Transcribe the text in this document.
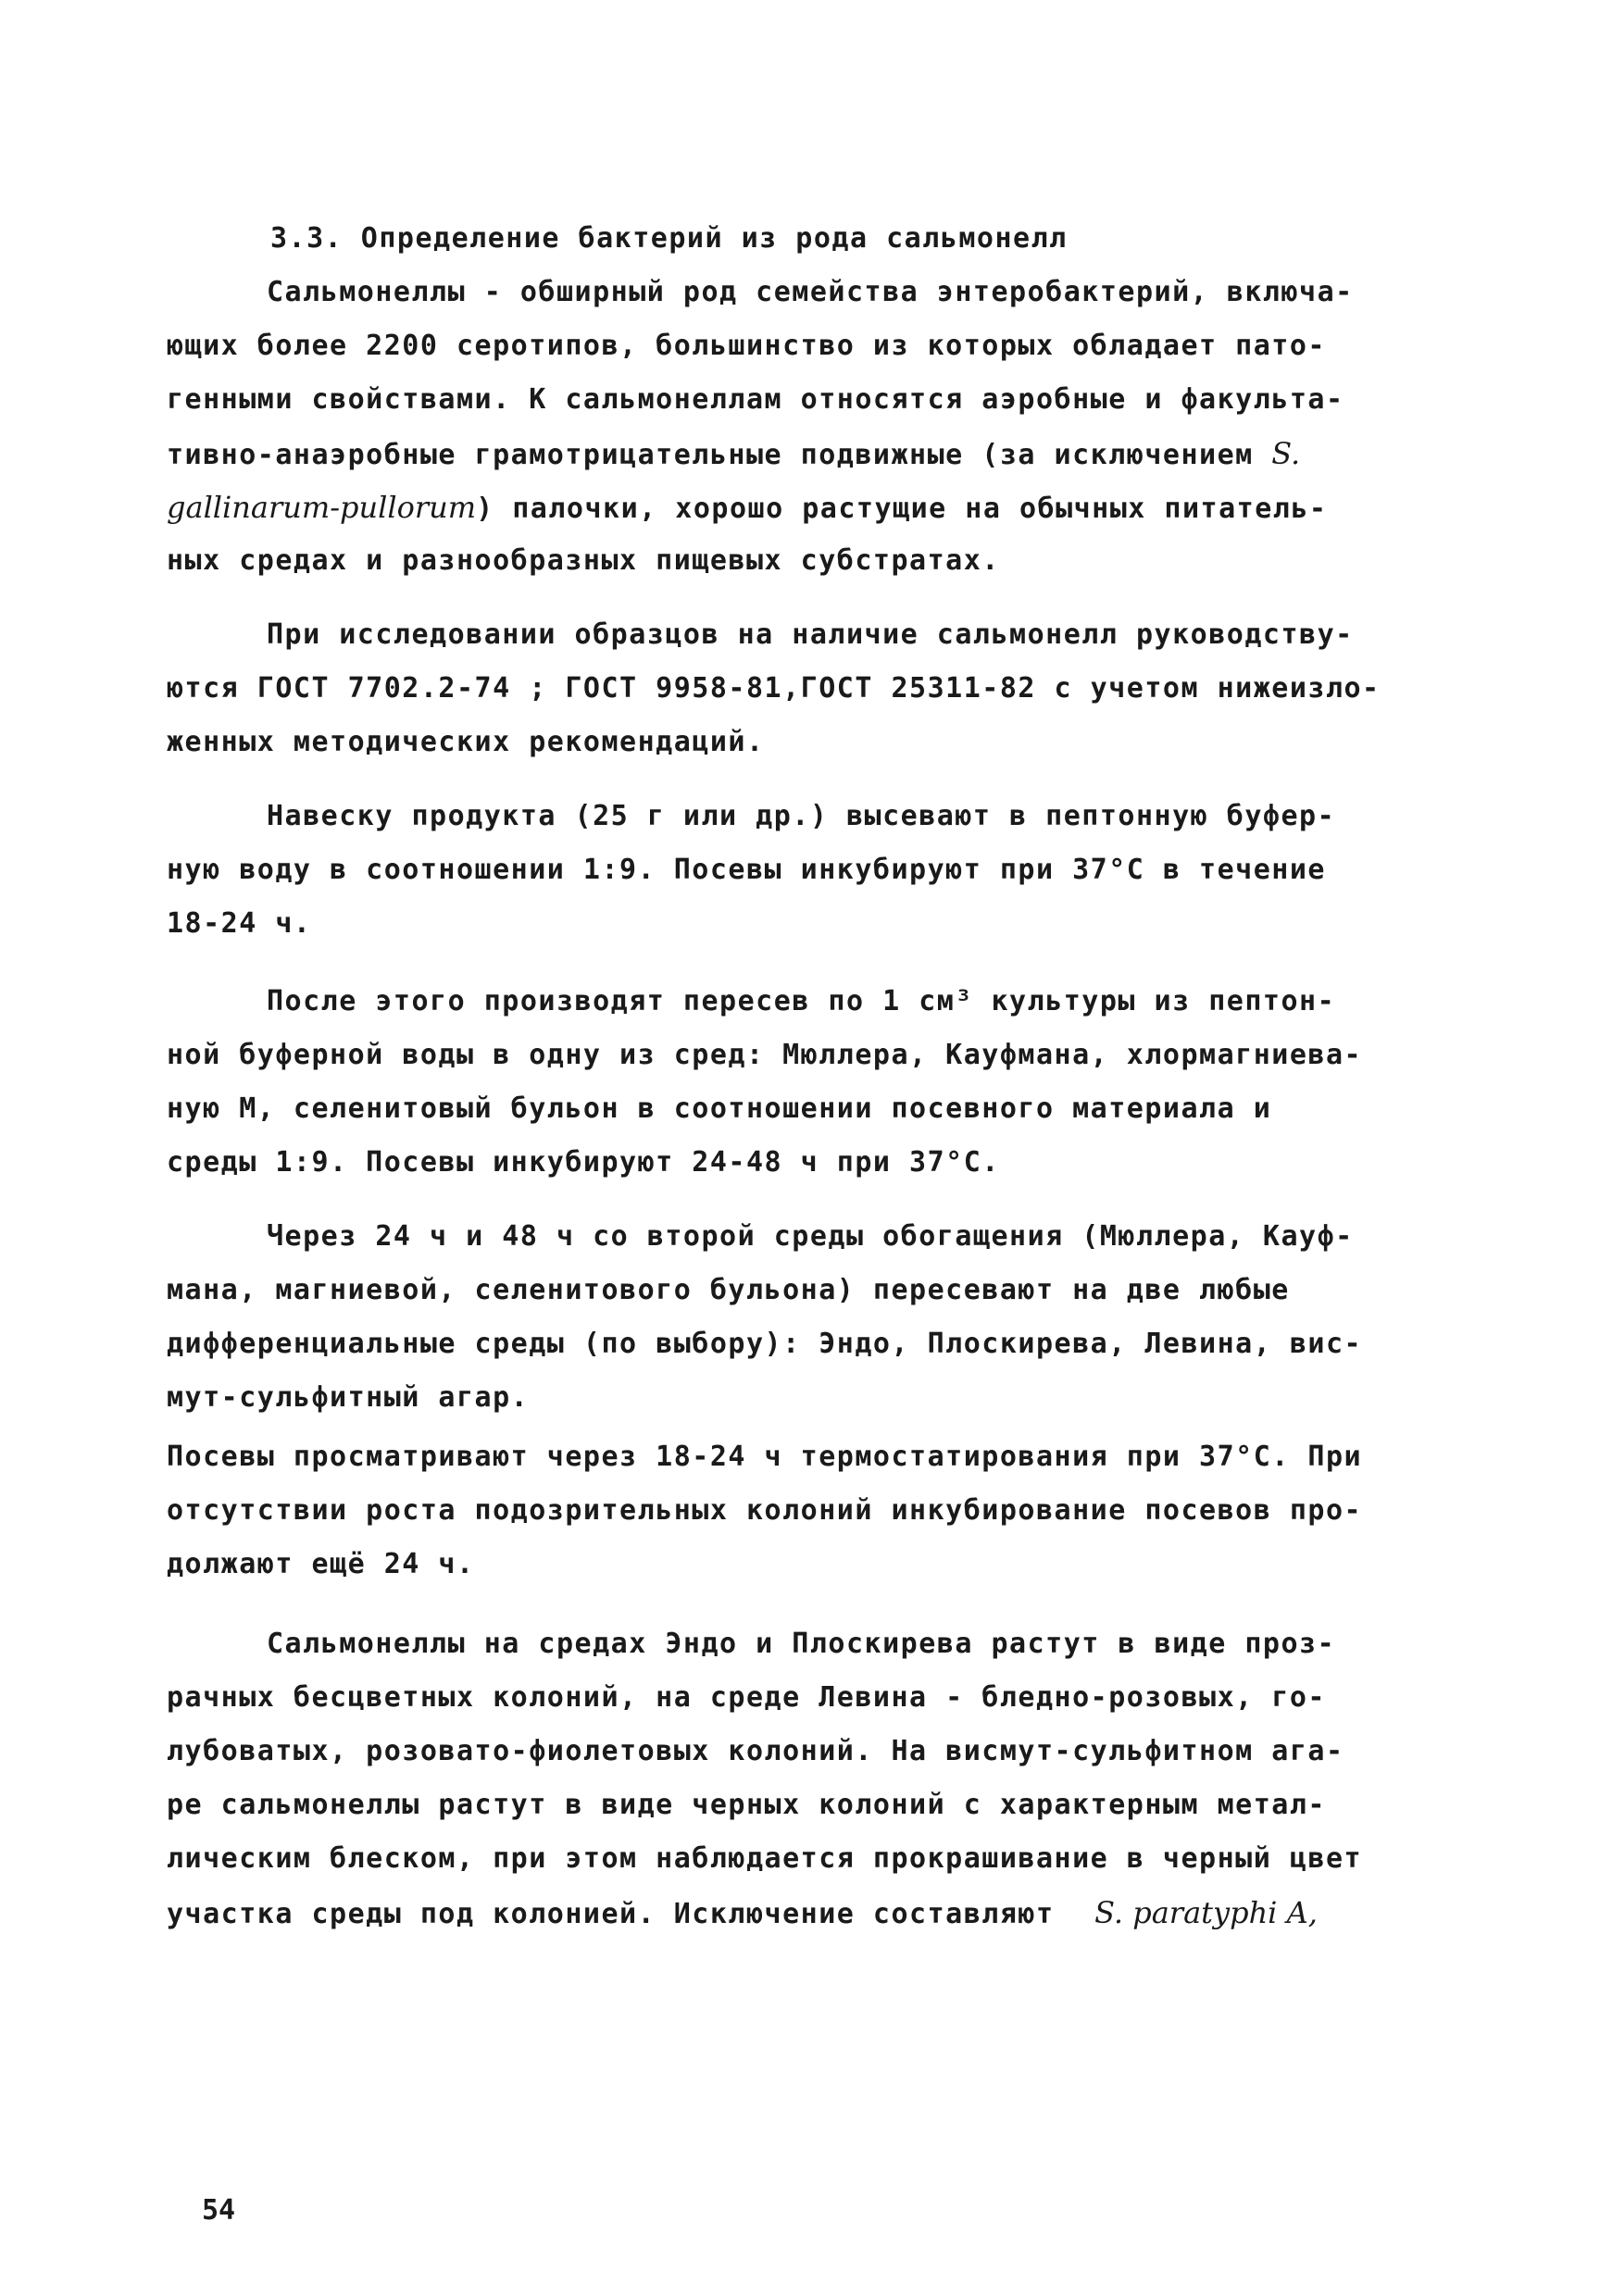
3.3. Определение бактерий из рода сальмонелл
Сальмонеллы - обширный род семейства энтеробактерий, включа-
ющих более 2200 серотипов, большинство из которых обладает пато-
генными свойствами. К сальмонеллам относятся аэробные и факульта-
тивно-анаэробные грамотрицательные подвижные (за исключением S.
gallinarum-pullorum) палочки, хорошо растущие на обычных питатель-
ных средах и разнообразных пищевых субстратах.
При исследовании образцов на наличие сальмонелл руководству-
ются ГОСТ 7702.2-74 ; ГОСТ 9958-81,ГОСТ 25311-82 с учетом нижеизло-
женных методических рекомендаций.
Навеску продукта (25 г или др.) высевают в пептонную буфер-
ную воду в соотношении 1:9. Посевы инкубируют при 37°С в течение
18-24 ч.
После этого производят пересев по 1 см³ культуры из пептон-
ной буферной воды в одну из сред: Мюллера, Кауфмана, хлормагниева-
ную М, селенитовый бульон в соотношении посевного материала и
среды 1:9. Посевы инкубируют 24-48 ч при 37°С.
Через 24 ч и 48 ч со второй среды обогащения (Мюллера, Кауф-
мана, магниевой, селенитового бульона) пересевают на две любые
дифференциальные среды (по выбору): Эндо, Плоскирева, Левина, вис-
мут-сульфитный агар.
Посевы просматривают через 18-24 ч термостатирования при 37°С. При
отсутствии роста подозрительных колоний инкубирование посевов про-
должают ещё 24 ч.
Сальмонеллы на средах Эндо и Плоскирева растут в виде проз-
рачных бесцветных колоний, на среде Левина - бледно-розовых, го-
лубоватых, розовато-фиолетовых колоний. На висмут-сульфитном ага-
ре сальмонеллы растут в виде черных колоний с характерным метал-
лическим блеском, при этом наблюдается прокрашивание в черный цвет
участка среды под колонией. Исключение составляют S. paratyphi A,
54
